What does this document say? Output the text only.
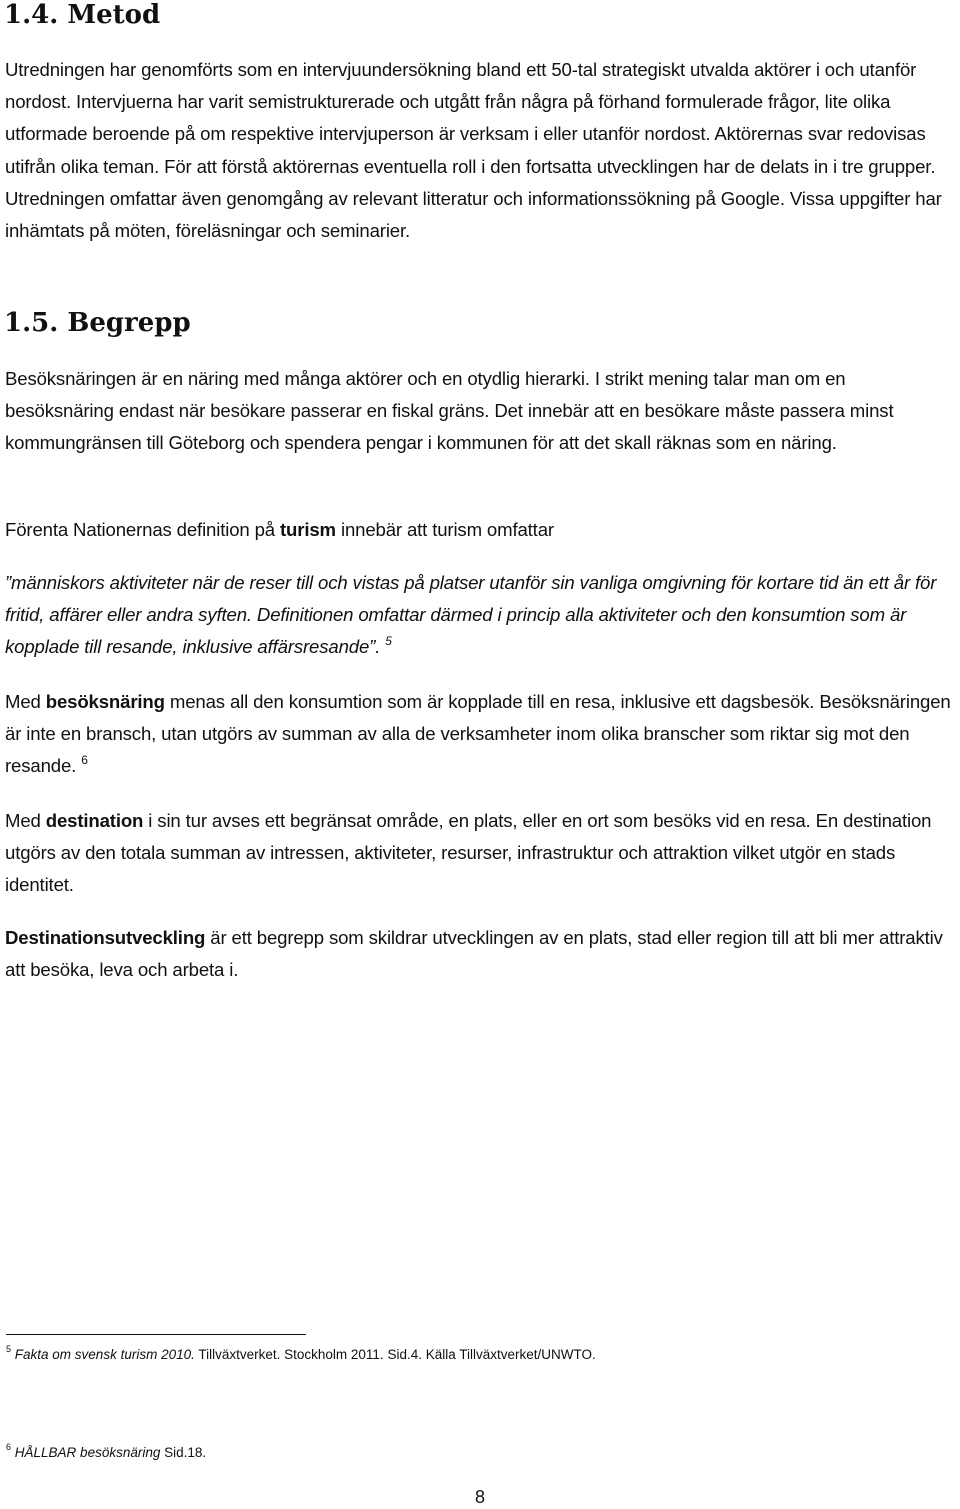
1.4. Metod

Utredningen har genomförts som en intervjuundersökning bland ett 50-tal strategiskt utvalda aktörer i och utanför nordost. Intervjuerna har varit semistrukturerade och utgått från några på förhand formulerade frågor, lite olika utformade beroende på om respektive intervjuperson är verksam i eller utanför nordost. Aktörernas svar redovisas utifrån olika teman. För att förstå aktörernas eventuella roll i den fortsatta utvecklingen har de delats in i tre grupper. Utredningen omfattar även genomgång av relevant litteratur och informationssökning på Google. Vissa uppgifter har inhämtats på möten, föreläsningar och seminarier.

1.5. Begrepp

Besöksnäringen är en näring med många aktörer och en otydlig hierarki. I strikt mening talar man om en besöksnäring endast när besökare passerar en fiskal gräns. Det innebär att en besökare måste passera minst kommungränsen till Göteborg och spendera pengar i kommunen för att det skall räknas som en näring.

Förenta Nationernas definition på turism innebär att turism omfattar

”människors aktiviteter när de reser till och vistas på platser utanför sin vanliga omgivning för kortare tid än ett år för fritid, affärer eller andra syften. Definitionen omfattar därmed i princip alla aktiviteter och den konsumtion som är kopplade till resande, inklusive affärsresande”. $^5$

Med besöksnäring menas all den konsumtion som är kopplade till en resa, inklusive ett dagsbesök. Besöksnäringen är inte en bransch, utan utgörs av summan av alla de verksamheter inom olika branscher som riktar sig mot den resande. $^6$

Med destination i sin tur avses ett begränsat område, en plats, eller en ort som besöks vid en resa. En destination utgörs av den totala summan av intressen, aktiviteter, resurser, infrastruktur och attraktion vilket utgör en stads identitet.

Destinationsutveckling är ett begrepp som skildrar utvecklingen av en plats, stad eller region till att bli mer attraktiv att besöka, leva och arbeta i.

$^5$ Fakta om svensk turism 2010. Tillväxtverket. Stockholm 2011. Sid.4. Källa Tillväxtverket/UNWTO.
$^6$ HÅLLBAR besöksnäring Sid.18.
8
